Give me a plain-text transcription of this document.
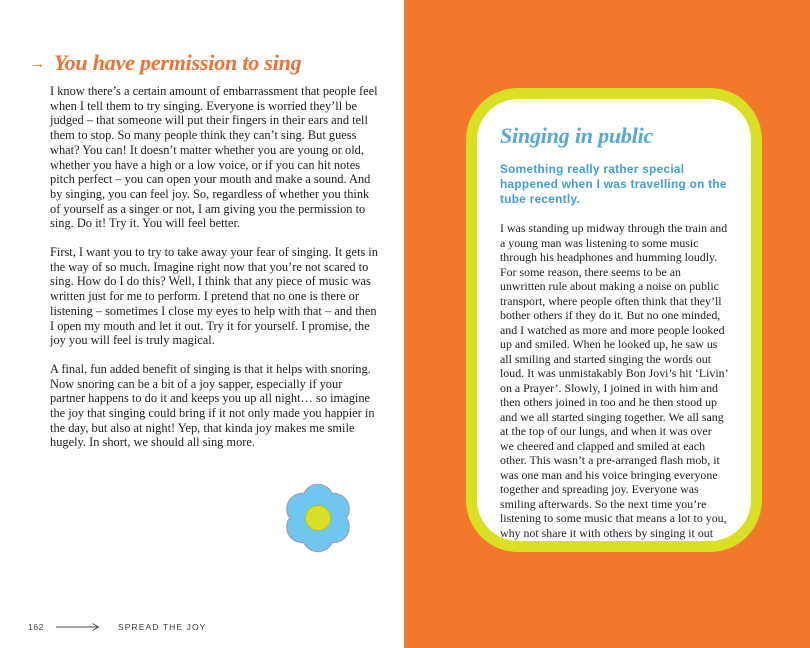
→ You have permission to sing

I know there’s a certain amount of embarrassment that people feel when I tell them to try singing. Everyone is worried they’ll be judged – that someone will put their fingers in their ears and tell them to stop. So many people think they can’t sing. But guess what? You can! It doesn’t matter whether you are young or old, whether you have a high or a low voice, or if you can hit notes pitch perfect – you can open your mouth and make a sound. And by singing, you can feel joy. So, regardless of whether you think of yourself as a singer or not, I am giving you the permission to sing. Do it! Try it. You will feel better.

First, I want you to try to take away your fear of singing. It gets in the way of so much. Imagine right now that you’re not scared to sing. How do I do this? Well, I think that any piece of music was written just for me to perform. I pretend that no one is there or listening – sometimes I close my eyes to help with that – and then I open my mouth and let it out. Try it for yourself. I promise, the joy you will feel is truly magical.

A final, fun added benefit of singing is that it helps with snoring. Now snoring can be a bit of a joy sapper, especially if your partner happens to do it and keeps you up all night… so imagine the joy that singing could bring if it not only made you happier in the day, but also at night! Yep, that kinda joy makes me smile hugely. In short, we should all sing more.

162	SPREAD THE JOY
Singing in public

Something really rather special happened when I was travelling on the tube recently.

I was standing up midway through the train and a young man was listening to some music through his headphones and humming loudly. For some reason, there seems to be an unwritten rule about making a noise on public transport, where people often think that they’ll bother others if they do it. But no one minded, and I watched as more and more people looked up and smiled. When he looked up, he saw us all smiling and started singing the words out loud. It was unmistakably Bon Jovi’s hit ‘Livin’ on a Prayer’. Slowly, I joined in with him and then others joined in too and he then stood up and we all started singing together. We all sang at the top of our lungs, and when it was over we cheered and clapped and smiled at each other. This wasn’t a pre-arranged flash mob, it was one man and his voice bringing everyone together and spreading joy. Everyone was smiling afterwards. So the next time you’re listening to some music that means a lot to you, why not share it with others by singing it out loud?
